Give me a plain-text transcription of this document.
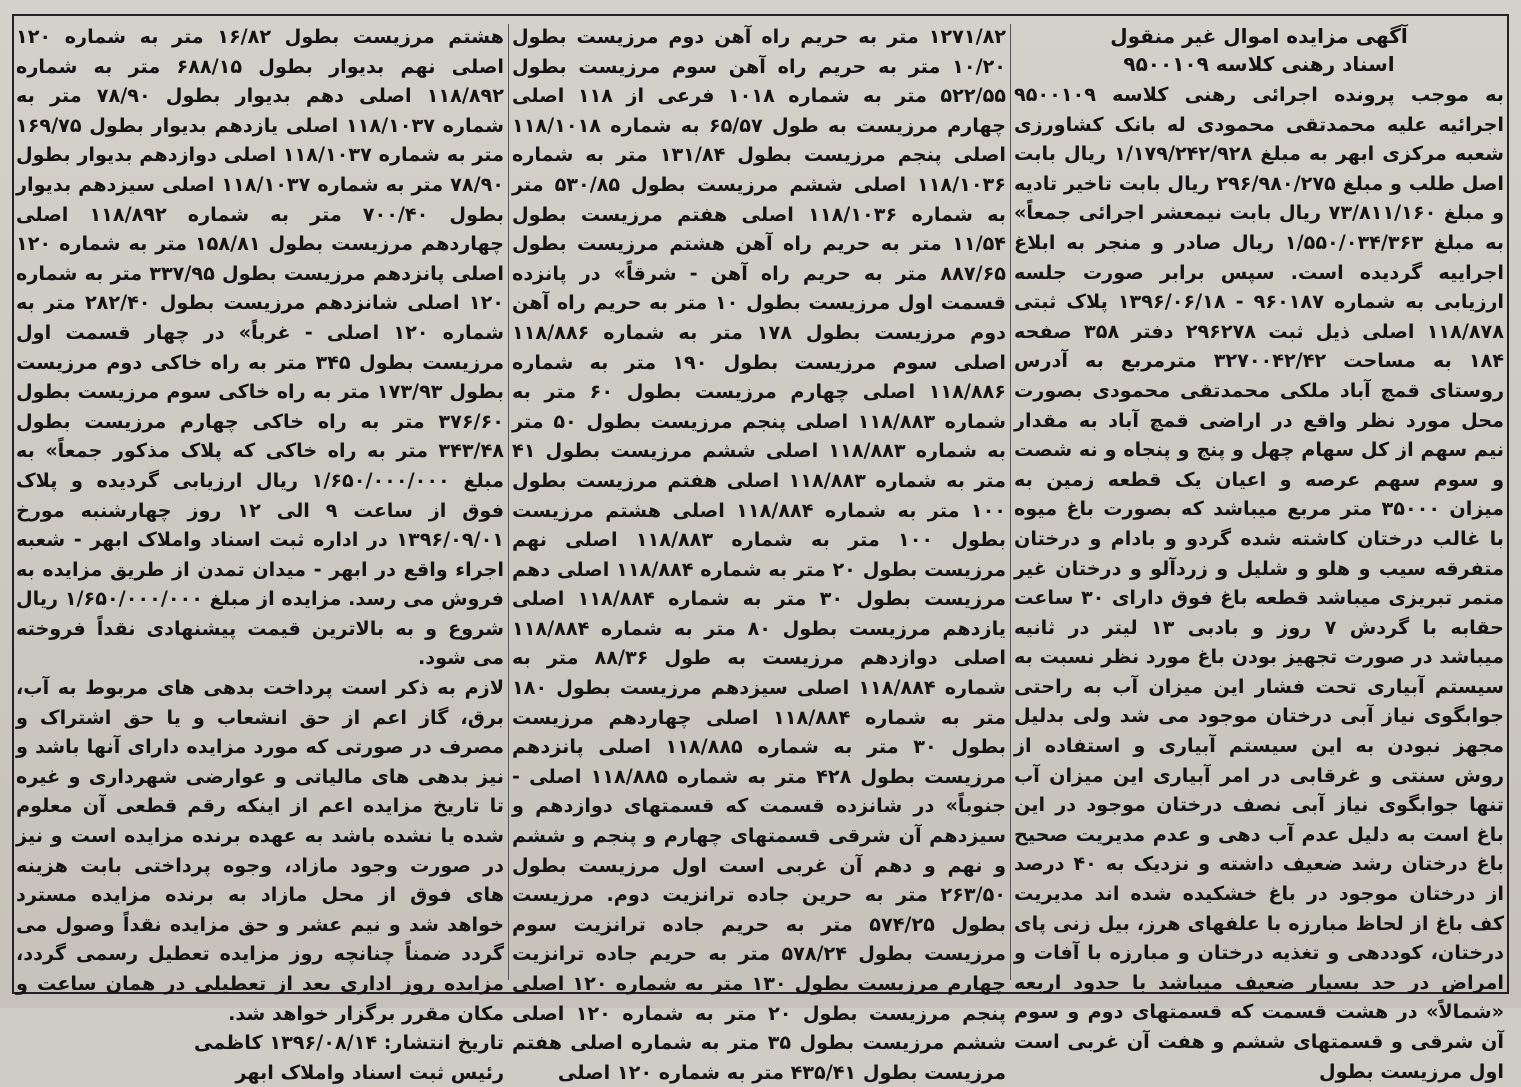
آگهی مزایده اموال غیر منقول
اسناد رهنی کلاسه ۹۵۰۰۱۰۹

به موجب پرونده اجرائی رهنی کلاسه ۹۵۰۰۱۰۹ اجرائیه علیه محمدتقی محمودی له بانک کشاورزی شعبه مرکزی ابهر به مبلغ ۱/۱۷۹/۲۴۲/۹۲۸ ریال بابت اصل طلب و مبلغ ۲۹۶/۹۸۰/۲۷۵ ریال بابت تاخیر تادیه و مبلغ ۷۳/۸۱۱/۱۶۰ ریال بابت نیمعشر اجرائی جمعاً» به مبلغ ۱/۵۵۰/۰۳۴/۳۶۳ ریال صادر و منجر به ابلاغ اجراییه گردیده است. سپس برابر صورت جلسه ارزیابی به شماره ۹۶۰۱۸۷ - ۱۳۹۶/۰۶/۱۸ پلاک ثبتی ۱۱۸/۸۷۸ اصلی ذیل ثبت ۲۹۶۲۷۸ دفتر ۳۵۸ صفحه ۱۸۴ به مساحت ۳۲۷۰۰۴۲/۴۲ مترمربع به آدرس روستای قمچ آباد ملکی محمدتقی محمودی بصورت محل مورد نظر واقع در اراضی قمچ آباد به مقدار نیم سهم از کل سهام چهل و پنج و پنجاه و نه شصت و سوم سهم عرصه و اعیان یک قطعه زمین به میزان ۳۵۰۰۰ متر مربع میباشد که بصورت باغ میوه با غالب درختان کاشته شده گردو و بادام و درختان متفرقه سیب و هلو و شلیل و زردآلو و درختان غیر متمر تبریزی میباشد قطعه باغ فوق دارای ۳۰ ساعت حقابه با گردش ۷ روز و بادبی ۱۳ لیتر در ثانیه میباشد در صورت تجهیز بودن باغ مورد نظر نسبت به سیستم آبیاری تحت فشار این میزان آب به راحتی جوابگوی نیاز آبی درختان موجود می شد ولی بدلیل مجهز نبودن به این سیستم آبیاری و استفاده از روش سنتی و غرقابی در امر آبیاری این میزان آب تنها جوابگوی نیاز آبی نصف درختان موجود در این باغ است به دلیل عدم آب دهی و عدم مدیریت صحیح باغ درختان رشد ضعیف داشته و نزدیک به ۴۰ درصد از درختان موجود در باغ خشکیده شده اند مدیریت کف باغ از لحاظ مبارزه با علفهای هرز، بیل زنی پای درختان، کوددهی و تغذیه درختان و مبارزه با آفات و امراض در حد بسیار ضعیف میباشد با حدود اربعه «شمالاً» در هشت قسمت که قسمتهای دوم و سوم آن شرقی و قسمتهای ششم و هفت آن غربی است اول مرزیست بطول

۱۲۷۱/۸۲ متر به حریم راه آهن دوم مرزیست بطول ۱۰/۲۰ متر به حریم راه آهن سوم مرزیست بطول ۵۲۲/۵۵ متر به شماره ۱۰۱۸ فرعی از ۱۱۸ اصلی چهارم مرزیست به طول ۶۵/۵۷ به شماره ۱۱۸/۱۰۱۸ اصلی پنجم مرزیست بطول ۱۳۱/۸۴ متر به شماره ۱۱۸/۱۰۳۶ اصلی ششم مرزیست بطول ۵۳۰/۸۵ متر به شماره ۱۱۸/۱۰۳۶ اصلی هفتم مرزیست بطول ۱۱/۵۴ متر به حریم راه آهن هشتم مرزیست بطول ۸۸۷/۶۵ متر به حریم راه آهن - شرقاً» در پانزده قسمت اول مرزیست بطول ۱۰ متر به حریم راه آهن دوم مرزیست بطول ۱۷۸ متر به شماره ۱۱۸/۸۸۶ اصلی سوم مرزیست بطول ۱۹۰ متر به شماره ۱۱۸/۸۸۶ اصلی چهارم مرزیست بطول ۶۰ متر به شماره ۱۱۸/۸۸۳ اصلی پنجم مرزیست بطول ۵۰ متر به شماره ۱۱۸/۸۸۳ اصلی ششم مرزیست بطول ۴۱ متر به شماره ۱۱۸/۸۸۳ اصلی هفتم مرزیست بطول ۱۰۰ متر به شماره ۱۱۸/۸۸۴ اصلی هشتم مرزیست بطول ۱۰۰ متر به شماره ۱۱۸/۸۸۳ اصلی نهم مرزیست بطول ۲۰ متر به شماره ۱۱۸/۸۸۴ اصلی دهم مرزیست بطول ۳۰ متر به شماره ۱۱۸/۸۸۴ اصلی یازدهم مرزیست بطول ۸۰ متر به شماره ۱۱۸/۸۸۴ اصلی دوازدهم مرزیست به طول ۸۸/۳۶ متر به شماره ۱۱۸/۸۸۴ اصلی سیزدهم مرزیست بطول ۱۸۰ متر به شماره ۱۱۸/۸۸۴ اصلی چهاردهم مرزیست بطول ۳۰ متر به شماره ۱۱۸/۸۸۵ اصلی پانزدهم مرزیست بطول ۴۲۸ متر به شماره ۱۱۸/۸۸۵ اصلی - جنوباً» در شانزده قسمت که قسمتهای دوازدهم و سیزدهم آن شرقی قسمتهای چهارم و پنجم و ششم و نهم و دهم آن غربی است اول مرزیست بطول ۲۶۳/۵۰ متر به حرین جاده ترانزیت دوم. مرزیست بطول ۵۷۴/۲۵ متر به حریم جاده ترانزیت سوم مرزیست بطول ۵۷۸/۲۴ متر به حریم جاده ترانزیت چهارم مرزیست بطول ۱۳۰ متر به شماره ۱۲۰ اصلی پنجم مرزیست بطول ۲۰ متر به شماره ۱۲۰ اصلی ششم مرزیست بطول ۳۵ متر به شماره اصلی هفتم مرزیست بطول ۴۳۵/۴۱ متر به شماره ۱۲۰ اصلی

هشتم مرزیست بطول ۱۶/۸۲ متر به شماره ۱۲۰ اصلی نهم بدیوار بطول ۶۸۸/۱۵ متر به شماره ۱۱۸/۸۹۲ اصلی دهم بدیوار بطول ۷۸/۹۰ متر به شماره ۱۱۸/۱۰۳۷ اصلی یازدهم بدیوار بطول ۱۶۹/۷۵ متر به شماره ۱۱۸/۱۰۳۷ اصلی دوازدهم بدیوار بطول ۷۸/۹۰ متر به شماره ۱۱۸/۱۰۳۷ اصلی سیزدهم بدیوار بطول ۷۰۰/۴۰ متر به شماره ۱۱۸/۸۹۲ اصلی چهاردهم مرزیست بطول ۱۵۸/۸۱ متر به شماره ۱۲۰ اصلی پانزدهم مرزیست بطول ۳۳۷/۹۵ متر به شماره ۱۲۰ اصلی شانزدهم مرزیست بطول ۲۸۲/۴۰ متر به شماره ۱۲۰ اصلی - غرباً» در چهار قسمت اول مرزیست بطول ۳۴۵ متر به راه خاکی دوم مرزیست بطول ۱۷۳/۹۳ متر به راه خاکی سوم مرزیست بطول ۳۷۶/۶۰ متر به راه خاکی چهارم مرزیست بطول ۳۴۳/۴۸ متر به راه خاکی که پلاک مذکور جمعاً» به مبلغ ۱/۶۵۰/۰۰۰/۰۰۰ ریال ارزیابی گردیده و پلاک فوق از ساعت ۹ الی ۱۲ روز چهارشنبه مورخ ۱۳۹۶/۰۹/۰۱ در اداره ثبت اسناد واملاک ابهر - شعبه اجراء واقع در ابهر - میدان تمدن از طریق مزایده به فروش می رسد. مزایده از مبلغ ۱/۶۵۰/۰۰۰/۰۰۰ ریال شروع و به بالاترین قیمت پیشنهادی نقداً فروخته می شود.

لازم به ذکر است پرداخت بدهی های مربوط به آب، برق، گاز اعم از حق انشعاب و یا حق اشتراک و مصرف در صورتی که مورد مزایده دارای آنها باشد و نیز بدهی های مالیاتی و عوارضی شهرداری و غیره تا تاریخ مزایده اعم از اینکه رقم قطعی آن معلوم شده یا نشده باشد به عهده برنده مزایده است و نیز در صورت وجود مازاد، وجوه پرداختی بابت هزینه های فوق از محل مازاد به برنده مزایده مسترد خواهد شد و نیم عشر و حق مزایده نقداً وصول می گردد ضمناً چنانچه روز مزایده تعطیل رسمی گردد، مزایده روز اداری بعد از تعطیلی در همان ساعت و مکان مقرر برگزار خواهد شد.

تاریخ انتشار: ۱۳۹۶/۰۸/۱۴ کاظمی
رئیس ثبت اسناد واملاک ابهر
